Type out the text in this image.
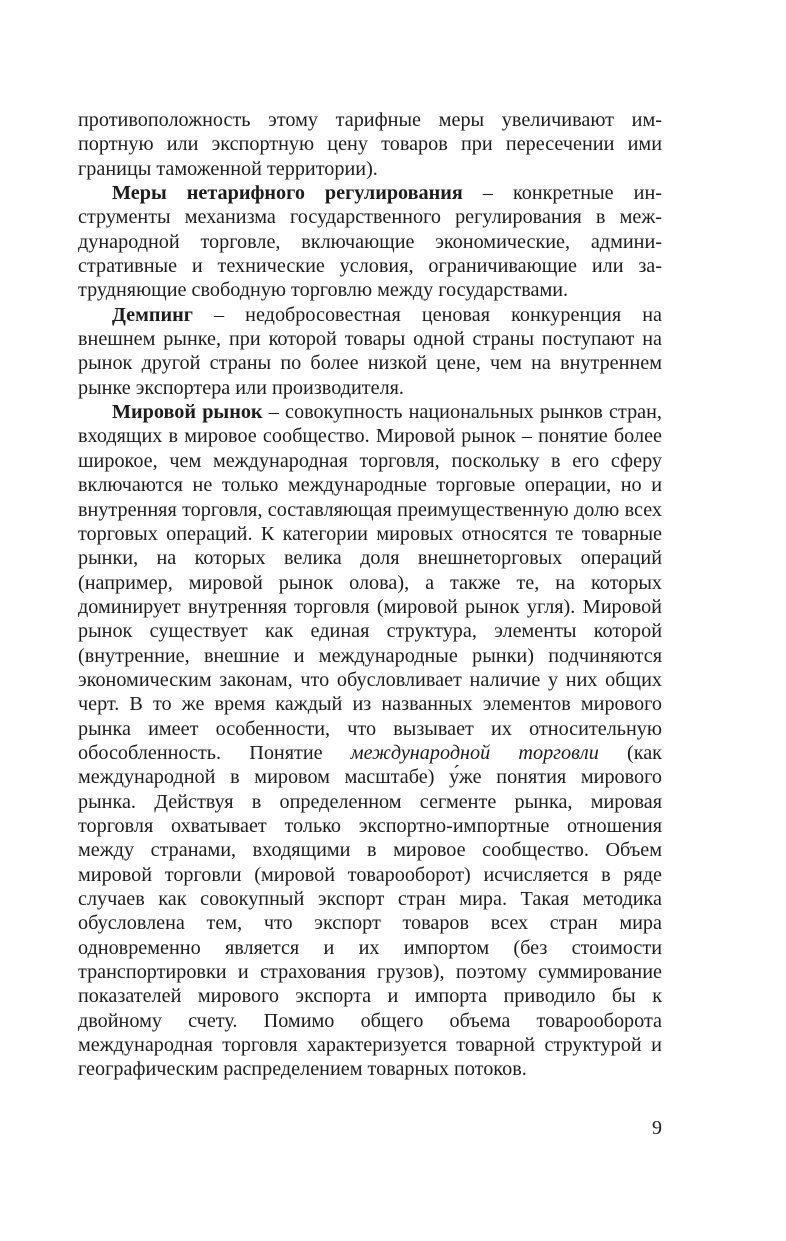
противоположность этому тарифные меры увеличивают импортную или экспортную цену товаров при пересечении ими границы таможенной территории).

Меры нетарифного регулирования – конкретные инструменты механизма государственного регулирования в международной торговле, включающие экономические, административные и технические условия, ограничивающие или затрудняющие свободную торговлю между государствами.

Демпинг – недобросовестная ценовая конкуренция на внешнем рынке, при которой товары одной страны поступают на рынок другой страны по более низкой цене, чем на внутреннем рынке экспортера или производителя.

Мировой рынок – совокупность национальных рынков стран, входящих в мировое сообщество. Мировой рынок – понятие более широкое, чем международная торговля, поскольку в его сферу включаются не только международные торговые операции, но и внутренняя торговля, составляющая преимущественную долю всех торговых операций. К категории мировых относятся те товарные рынки, на которых велика доля внешнеторговых операций (например, мировой рынок олова), а также те, на которых доминирует внутренняя торговля (мировой рынок угля). Мировой рынок существует как единая структура, элементы которой (внутренние, внешние и международные рынки) подчиняются экономическим законам, что обусловливает наличие у них общих черт. В то же время каждый из названных элементов мирового рынка имеет особенности, что вызывает их относительную обособленность. Понятие международной торговли (как международной в мировом масштабе) у́же понятия мирового рынка. Действуя в определенном сегменте рынка, мировая торговля охватывает только экспортно-импортные отношения между странами, входящими в мировое сообщество. Объем мировой торговли (мировой товарооборот) исчисляется в ряде случаев как совокупный экспорт стран мира. Такая методика обусловлена тем, что экспорт товаров всех стран мира одновременно является и их импортом (без стоимости транспортировки и страхования грузов), поэтому суммирование показателей мирового экспорта и импорта приводило бы к двойному счету. Помимо общего объема товарооборота международная торговля характеризуется товарной структурой и географическим распределением товарных потоков.

9
